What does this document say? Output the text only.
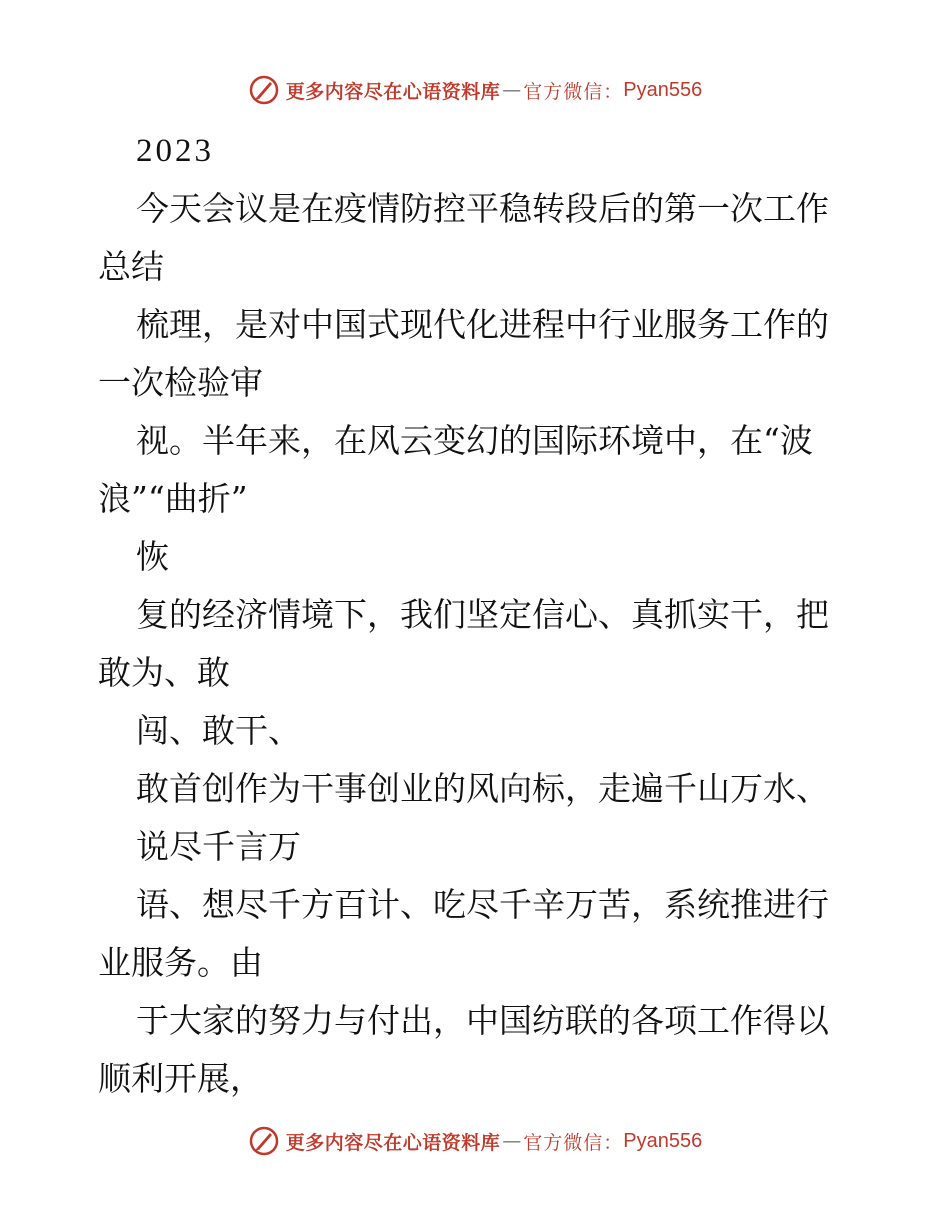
更多内容尽在心语资料库 — 官方微信： Pyan556
2023
今天会议是在疫情防控平稳转段后的第一次工作
总结
梳理，是对中国式现代化进程中行业服务工作的
一次检验审
视。半年来，在风云变幻的国际环境中，在“波
浪”“曲折”
恢
复的经济情境下，我们坚定信心、真抓实干，把
敢为、敢
闯、敢干、
敢首创作为干事创业的风向标，走遍千山万水、
说尽千言万
语、想尽千方百计、吃尽千辛万苦，系统推进行
业服务。由
于大家的努力与付出，中国纺联的各项工作得以
顺利开展，
更多内容尽在心语资料库 — 官方微信： Pyan556
